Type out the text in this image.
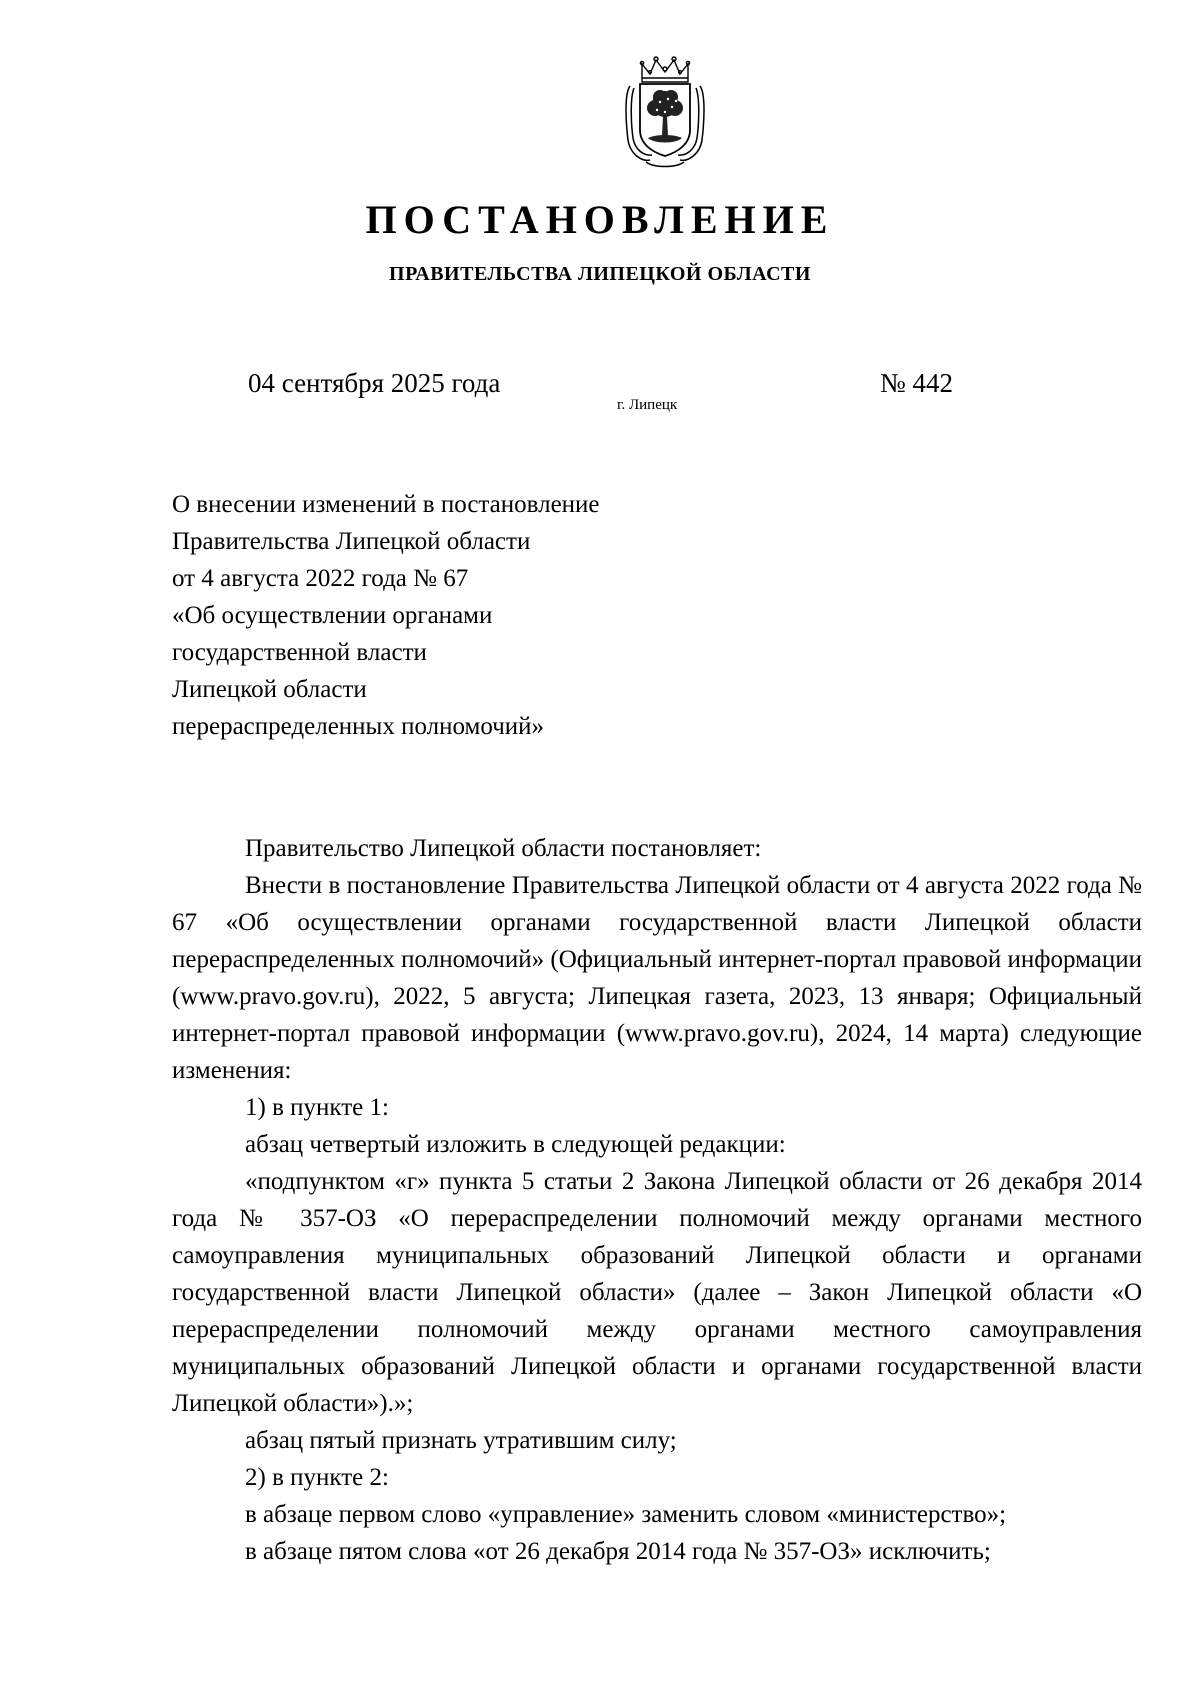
ПОСТАНОВЛЕНИЕ
ПРАВИТЕЛЬСТВА ЛИПЕЦКОЙ ОБЛАСТИ

04 сентября 2025 года

г. Липецк

№ 442

О внесении изменений в постановление
Правительства Липецкой области
от 4 августа 2022 года № 67
«Об осуществлении органами
государственной власти
Липецкой области
перераспределенных полномочий»

Правительство Липецкой области постановляет:

Внести в постановление Правительства Липецкой области от 4 августа 2022 года № 67 «Об осуществлении органами государственной власти Липецкой области перераспределенных полномочий» (Официальный интернет-портал правовой информации (www.pravo.gov.ru), 2022, 5 августа; Липецкая газета, 2023, 13 января; Официальный интернет-портал правовой информации (www.pravo.gov.ru), 2024, 14 марта) следующие изменения:

1) в пункте 1:

абзац четвертый изложить в следующей редакции:

«подпунктом «г» пункта 5 статьи 2 Закона Липецкой области от 26 декабря 2014 года № 357-ОЗ «О перераспределении полномочий между органами местного самоуправления муниципальных образований Липецкой области и органами государственной власти Липецкой области» (далее – Закон Липецкой области «О перераспределении полномочий между органами местного самоуправления муниципальных образований Липецкой области и органами государственной власти Липецкой области»).»;

абзац пятый признать утратившим силу;

2) в пункте 2:

в абзаце первом слово «управление» заменить словом «министерство»;

в абзаце пятом слова «от 26 декабря 2014 года № 357-ОЗ» исключить;
